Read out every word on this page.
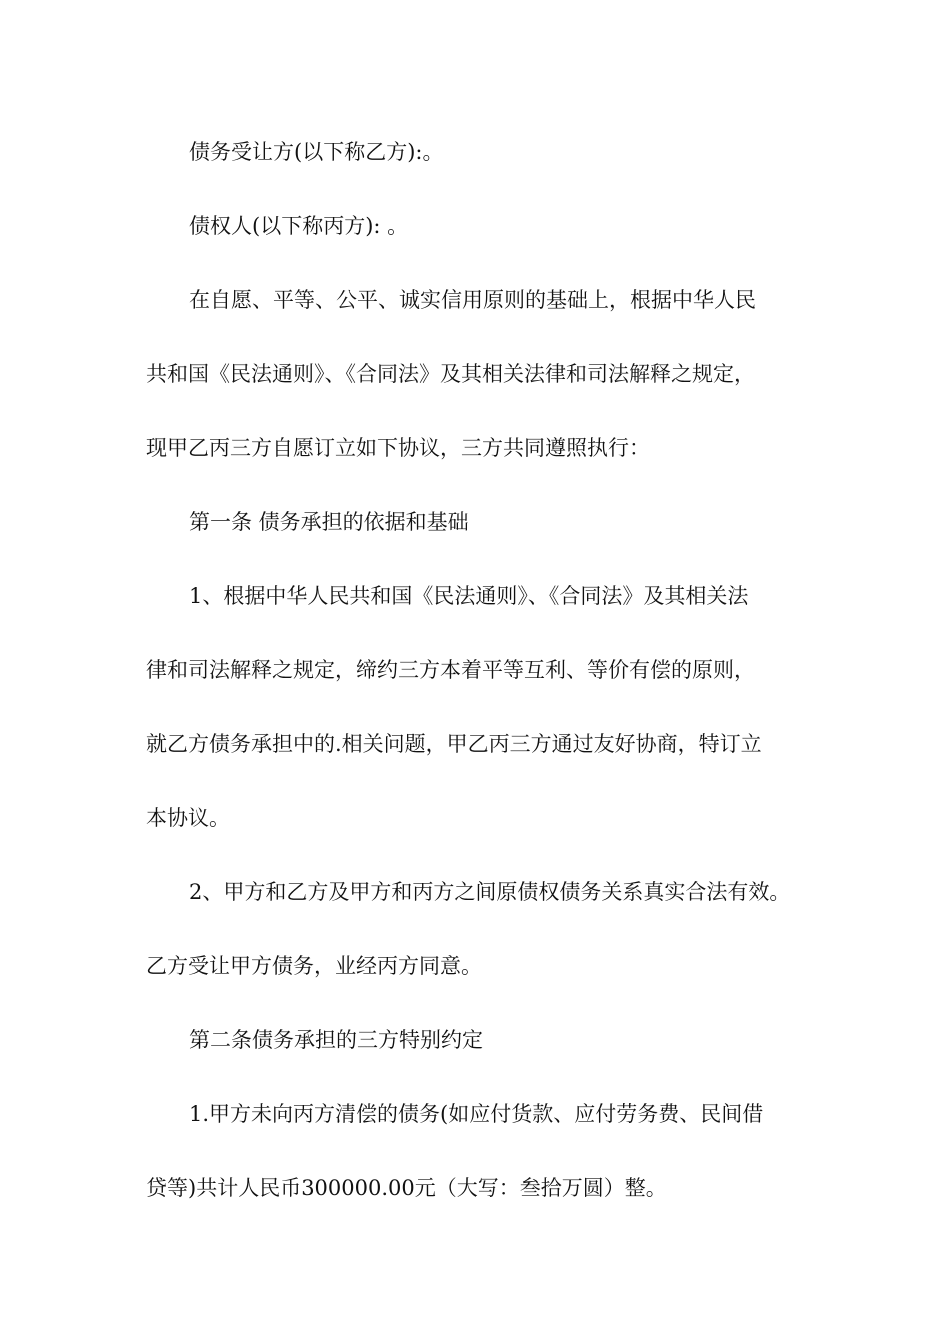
债务受让方(以下称乙方):。
债权人(以下称丙方): 。
在自愿、平等、公平、诚实信用原则的基础上，根据中华人民
共和国《民法通则》、《合同法》及其相关法律和司法解释之规定，
现甲乙丙三方自愿订立如下协议，三方共同遵照执行：
第一条 债务承担的依据和基础
1、根据中华人民共和国《民法通则》、《合同法》及其相关法
律和司法解释之规定，缔约三方本着平等互利、等价有偿的原则，
就乙方债务承担中的.相关问题，甲乙丙三方通过友好协商，特订立
本协议。
2、甲方和乙方及甲方和丙方之间原债权债务关系真实合法有效。
乙方受让甲方债务，业经丙方同意。
第二条债务承担的三方特别约定
1.甲方未向丙方清偿的债务(如应付货款、应付劳务费、民间借
贷等)共计人民币300000.00元（大写：叁拾万圆）整。
